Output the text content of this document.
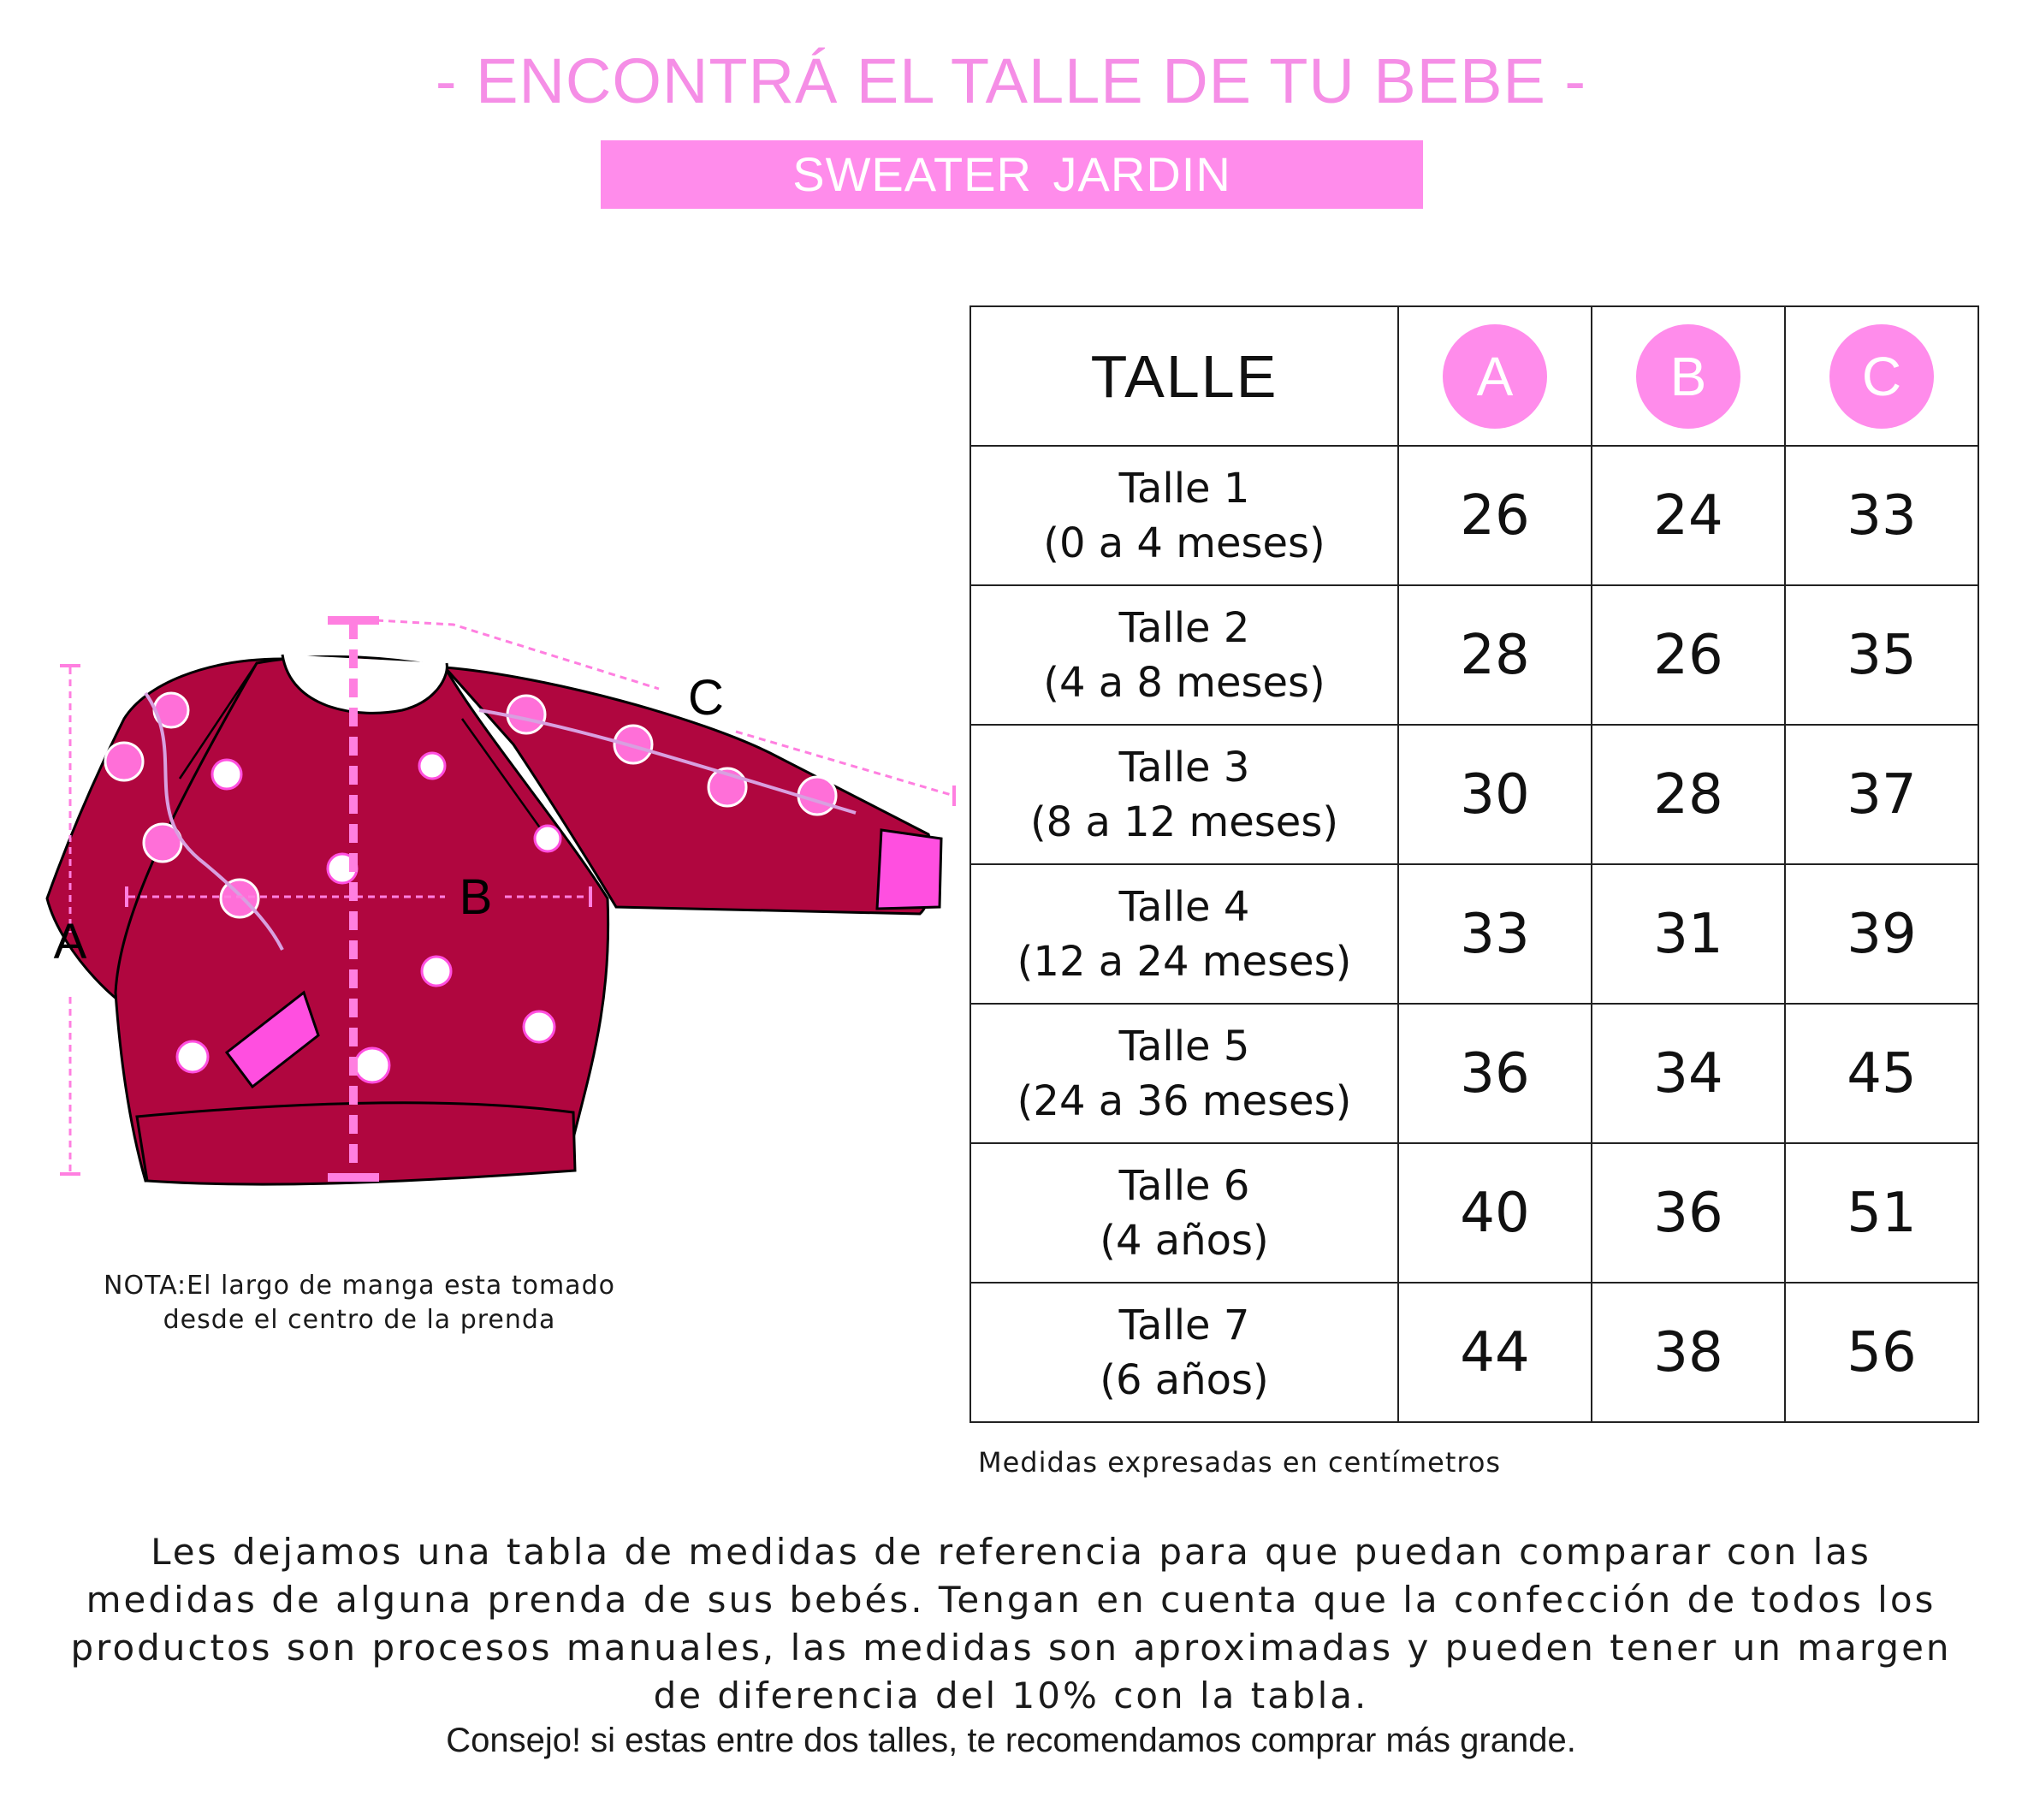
- ENCONTRÁ EL TALLE DE TU BEBE -
SWEATER JARDIN
A
B
C
NOTA:El largo de manga esta tomado
desde el centro de la prenda
TALLE	A	B	C

Talle 1
(0 a 4 meses)	26	24	33

Talle 2
(4 a 8 meses)	28	26	35

Talle 3
(8 a 12 meses)	30	28	37

Talle 4
(12 a 24 meses)	33	31	39

Talle 5
(24 a 36 meses)	36	34	45

Talle 6
(4 años)	40	36	51

Talle 7
(6 años)	44	38	56
Medidas expresadas en centímetros
Les dejamos una tabla de medidas de referencia para que puedan comparar con las
medidas de alguna prenda de sus bebés. Tengan en cuenta que la confección de todos los
productos son procesos manuales, las medidas son aproximadas y pueden tener un margen
de diferencia del 10% con la tabla.
Consejo! si estas entre dos talles, te recomendamos comprar más grande.
